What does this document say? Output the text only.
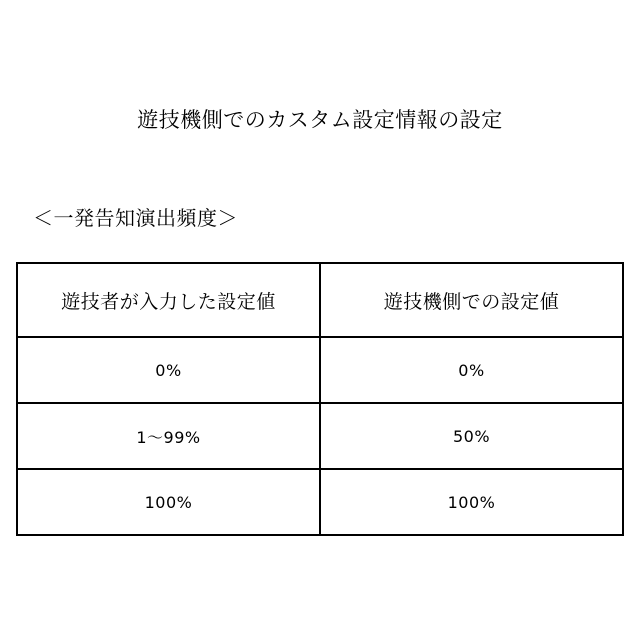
遊技機側でのカスタム設定情報の設定
＜一発告知演出頻度＞
遊技者が入力した設定値	遊技機側での設定値
0%	0%
1〜99%	50%
100%	100%
